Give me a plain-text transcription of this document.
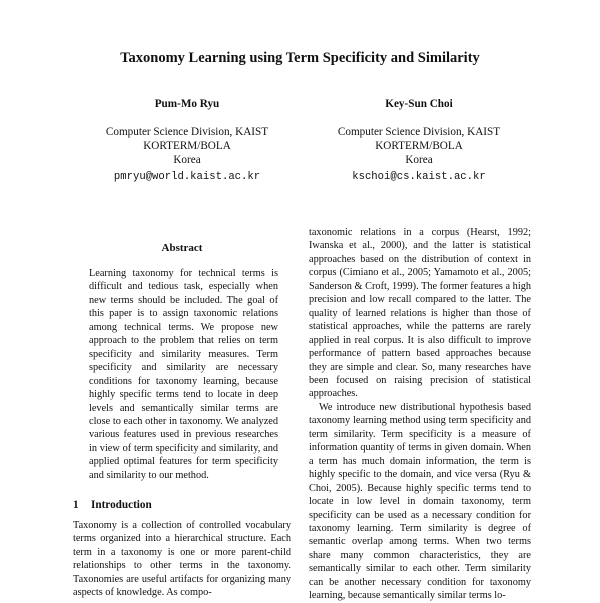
Taxonomy Learning using Term Specificity and Similarity
Pum-Mo Ryu
Computer Science Division, KAIST
KORTERM/BOLA
Korea
pmryu@world.kaist.ac.kr
Key-Sun Choi
Computer Science Division, KAIST
KORTERM/BOLA
Korea
kschoi@cs.kaist.ac.kr
Abstract

Learning taxonomy for technical terms is difficult and tedious task, especially when new terms should be included. The goal of this paper is to assign taxonomic relations among technical terms. We propose new approach to the problem that relies on term specificity and similarity measures. Term specificity and similarity are necessary conditions for taxonomy learning, because highly specific terms tend to locate in deep levels and semantically similar terms are close to each other in taxonomy. We analyzed various features used in previous researches in view of term specificity and similarity, and applied optimal features for term specificity and similarity to our method.

1 Introduction

Taxonomy is a collection of controlled vocabulary terms organized into a hierarchical structure. Each term in a taxonomy is one or more parent-child relationships to other terms in the taxonomy. Taxonomies are useful artifacts for organizing many aspects of knowledge. As compo-

taxonomic relations in a corpus (Hearst, 1992; Iwanska et al., 2000), and the latter is statistical approaches based on the distribution of context in corpus (Cimiano et al., 2005; Yamamoto et al., 2005; Sanderson & Croft, 1999). The former features a high precision and low recall compared to the latter. The quality of learned relations is higher than those of statistical approaches, while the patterns are rarely applied in real corpus. It is also difficult to improve performance of pattern based approaches because they are simple and clear. So, many researches have been focused on raising precision of statistical approaches.

We introduce new distributional hypothesis based taxonomy learning method using term specificity and term similarity. Term specificity is a measure of information quantity of terms in given domain. When a term has much domain information, the term is highly specific to the domain, and vice versa (Ryu & Choi, 2005). Because highly specific terms tend to locate in low level in domain taxonomy, term specificity can be used as a necessary condition for taxonomy learning. Term similarity is degree of semantic overlap among terms. When two terms share many common characteristics, they are semantically similar to each other. Term similarity can be another necessary condition for taxonomy learning, because semantically similar terms lo-
